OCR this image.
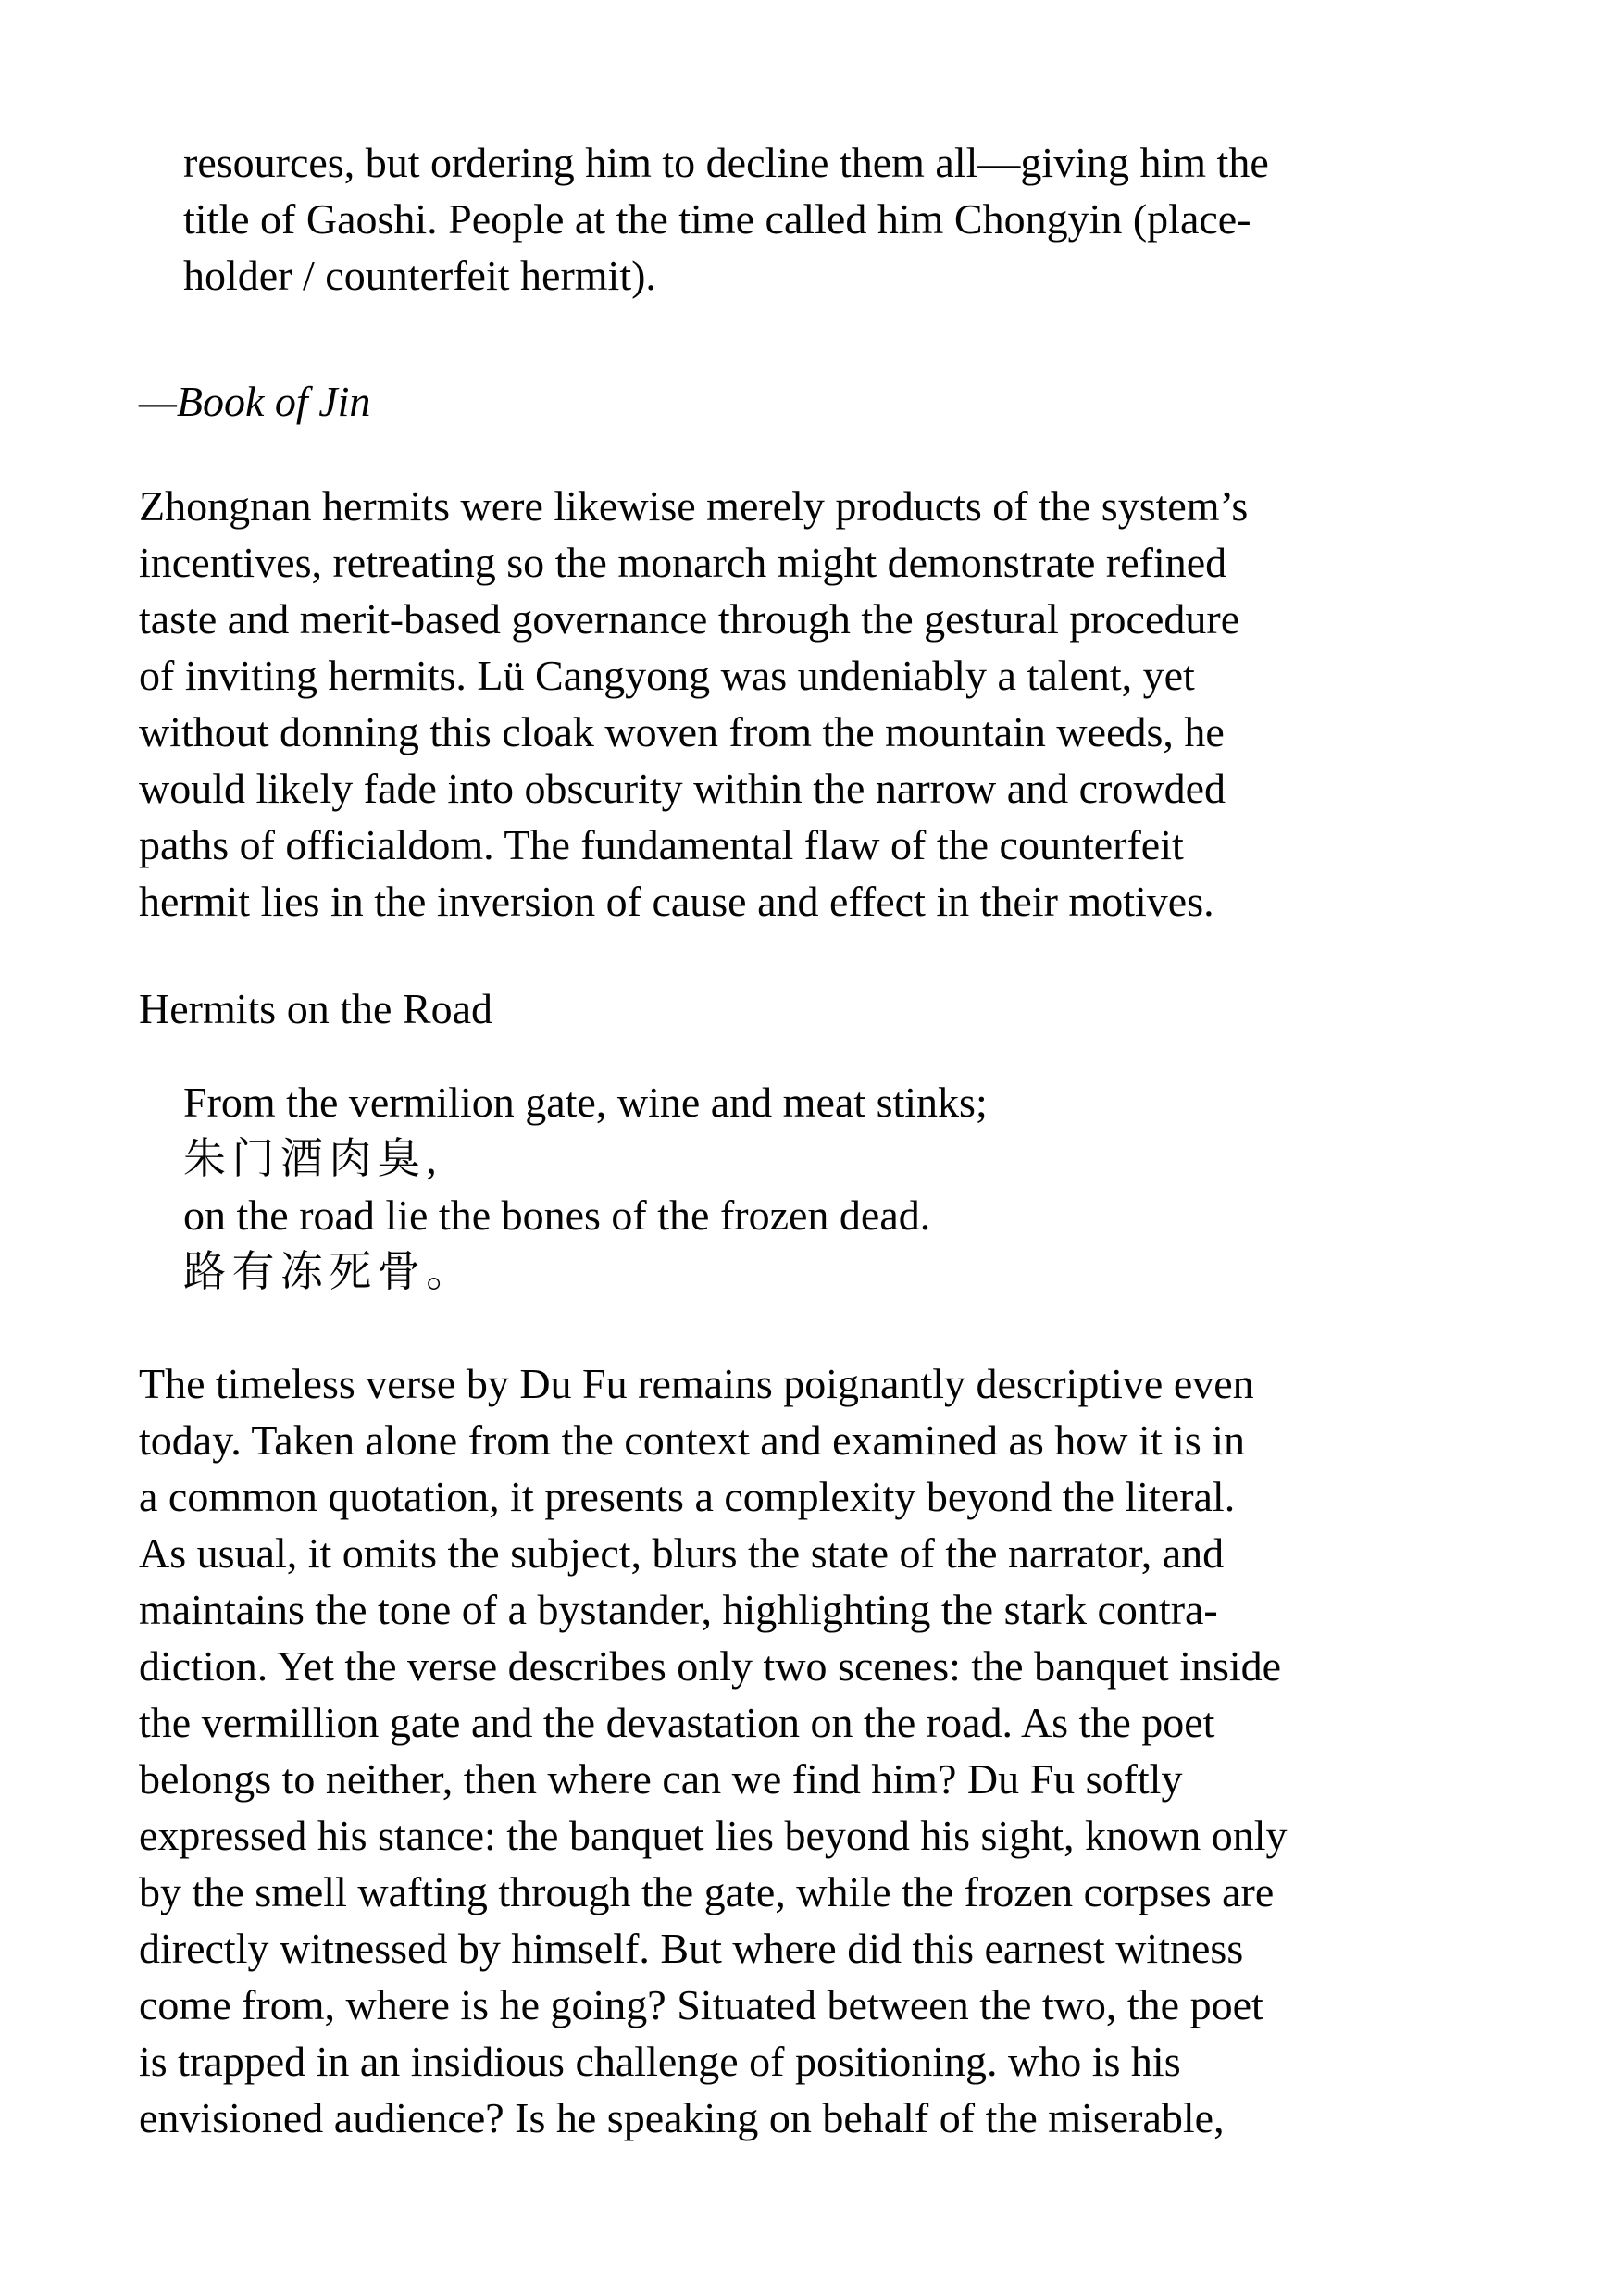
resources, but ordering him to decline them all—giving him the
title of Gaoshi. People at the time called him Chongyin (place-
holder / counterfeit hermit).
—Book of Jin
Zhongnan hermits were likewise merely products of the system’s
incentives, retreating so the monarch might demonstrate refined
taste and merit-based governance through the gestural procedure
of inviting hermits. Lü Cangyong was undeniably a talent, yet
without donning this cloak woven from the mountain weeds, he
would likely fade into obscurity within the narrow and crowded
paths of officialdom. The fundamental flaw of the counterfeit
hermit lies in the inversion of cause and effect in their motives.
Hermits on the Road
From the vermilion gate, wine and meat stinks;
朱门酒肉臭,
on the road lie the bones of the frozen dead.
路有冻死骨。
The timeless verse by Du Fu remains poignantly descriptive even
today. Taken alone from the context and examined as how it is in
a common quotation, it presents a complexity beyond the literal.
As usual, it omits the subject, blurs the state of the narrator, and
maintains the tone of a bystander, highlighting the stark contra-
diction. Yet the verse describes only two scenes: the banquet inside
the vermillion gate and the devastation on the road. As the poet
belongs to neither, then where can we find him? Du Fu softly
expressed his stance: the banquet lies beyond his sight, known only
by the smell wafting through the gate, while the frozen corpses are
directly witnessed by himself. But where did this earnest witness
come from, where is he going? Situated between the two, the poet
is trapped in an insidious challenge of positioning. who is his
envisioned audience? Is he speaking on behalf of the miserable,
